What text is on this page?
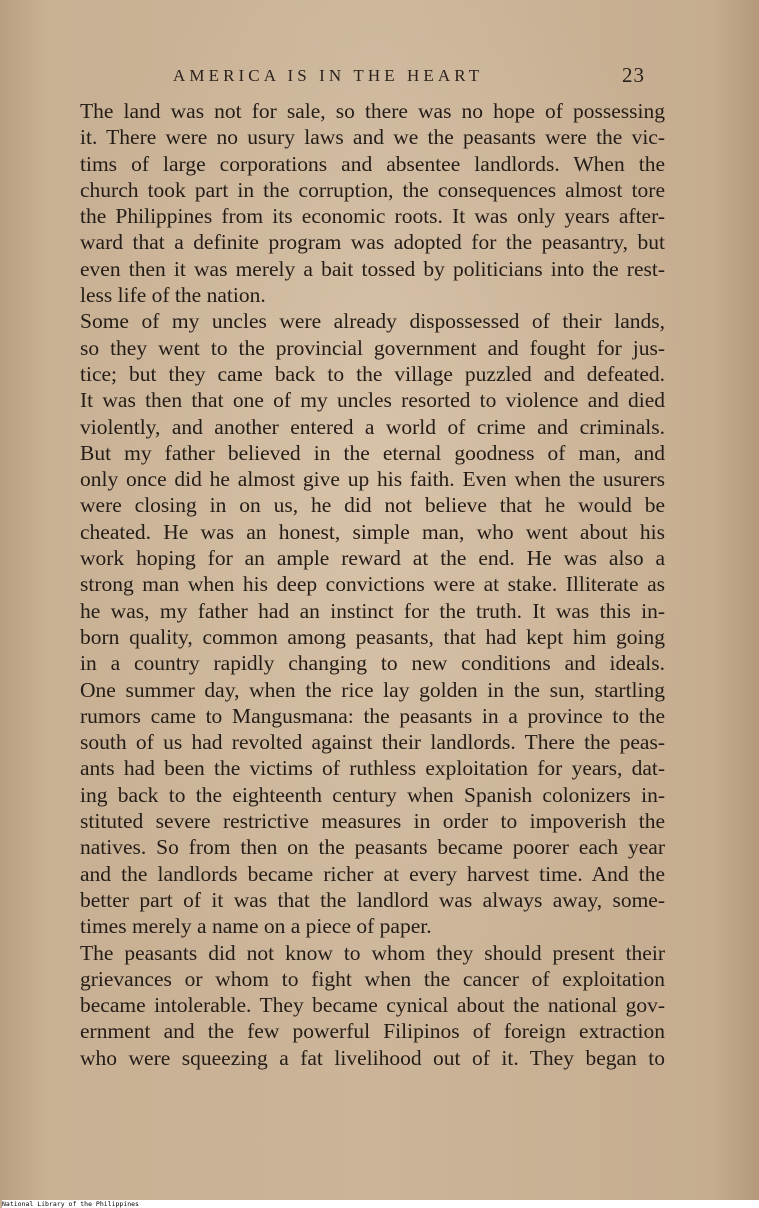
AMERICA IS IN THE HEART	23
The land was not for sale, so there was no hope of possessing
it. There were no usury laws and we the peasants were the vic-
tims of large corporations and absentee landlords. When the
church took part in the corruption, the consequences almost tore
the Philippines from its economic roots. It was only years after-
ward that a definite program was adopted for the peasantry, but
even then it was merely a bait tossed by politicians into the rest-
less life of the nation.
Some of my uncles were already dispossessed of their lands,
so they went to the provincial government and fought for jus-
tice; but they came back to the village puzzled and defeated.
It was then that one of my uncles resorted to violence and died
violently, and another entered a world of crime and criminals.
But my father believed in the eternal goodness of man, and
only once did he almost give up his faith. Even when the usurers
were closing in on us, he did not believe that he would be
cheated. He was an honest, simple man, who went about his
work hoping for an ample reward at the end. He was also a
strong man when his deep convictions were at stake. Illiterate as
he was, my father had an instinct for the truth. It was this in-
born quality, common among peasants, that had kept him going
in a country rapidly changing to new conditions and ideals.
One summer day, when the rice lay golden in the sun, startling
rumors came to Mangusmana: the peasants in a province to the
south of us had revolted against their landlords. There the peas-
ants had been the victims of ruthless exploitation for years, dat-
ing back to the eighteenth century when Spanish colonizers in-
stituted severe restrictive measures in order to impoverish the
natives. So from then on the peasants became poorer each year
and the landlords became richer at every harvest time. And the
better part of it was that the landlord was always away, some-
times merely a name on a piece of paper.
The peasants did not know to whom they should present their
grievances or whom to fight when the cancer of exploitation
became intolerable. They became cynical about the national gov-
ernment and the few powerful Filipinos of foreign extraction
who were squeezing a fat livelihood out of it. They began to
National Library of the Philippines
